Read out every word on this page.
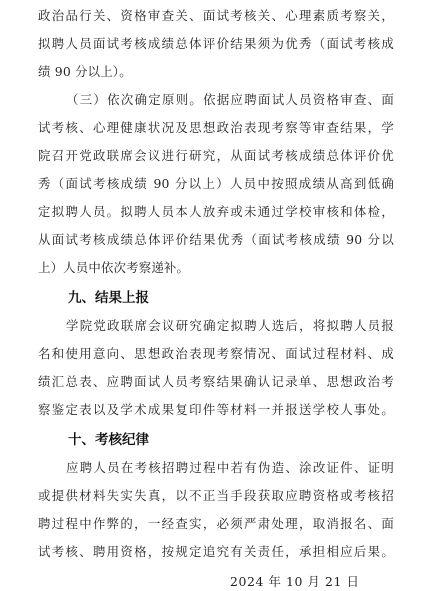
政治品行关、资格审查关、面试考核关、心理素质考察关，
拟聘人员面试考核成绩总体评价结果须为优秀（面试考核成
绩 90 分以上）。
（三）依次确定原则。依据应聘面试人员资格审查、面
试考核、心理健康状况及思想政治表现考察等审查结果，学
院召开党政联席会议进行研究，从面试考核成绩总体评价优
秀（面试考核成绩 90 分以上）人员中按照成绩从高到低确
定拟聘人员。拟聘人员本人放弃或未通过学校审核和体检，
从面试考核成绩总体评价结果优秀（面试考核成绩 90 分以
上）人员中依次考察递补。
九、结果上报
学院党政联席会议研究确定拟聘人选后，将拟聘人员报
名和使用意向、思想政治表现考察情况、面试过程材料、成
绩汇总表、应聘面试人员考察结果确认记录单、思想政治考
察鉴定表以及学术成果复印件等材料一并报送学校人事处。
十、考核纪律
应聘人员在考核招聘过程中若有伪造、涂改证件、证明
或提供材料失实失真，以不正当手段获取应聘资格或考核招
聘过程中作弊的，一经查实，必须严肃处理，取消报名、面
试考核、聘用资格，按规定追究有关责任，承担相应后果。
2024 年 10 月 21 日
